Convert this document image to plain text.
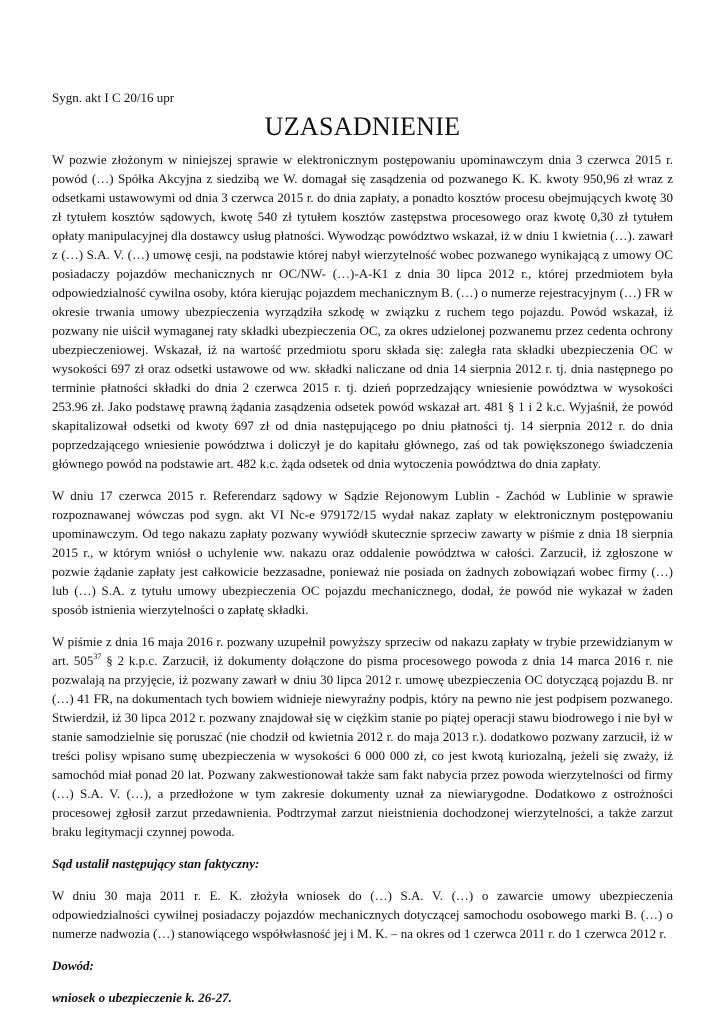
Sygn. akt I C 20/16 upr
UZASADNIENIE

W pozwie złożonym w niniejszej sprawie w elektronicznym postępowaniu upominawczym dnia 3 czerwca 2015 r. powód (…) Spółka Akcyjna z siedzibą we W. domagał się zasądzenia od pozwanego K. K. kwoty 950,96 zł wraz z odsetkami ustawowymi od dnia 3 czerwca 2015 r. do dnia zapłaty, a ponadto kosztów procesu obejmujących kwotę 30 zł tytułem kosztów sądowych, kwotę 540 zł tytułem kosztów zastępstwa procesowego oraz kwotę 0,30 zł tytułem opłaty manipulacyjnej dla dostawcy usług płatności. Wywodząc powództwo wskazał, iż w dniu 1 kwietnia (…). zawarł z (…) S.A. V. (…) umowę cesji, na podstawie której nabył wierzytelność wobec pozwanego wynikającą z umowy OC posiadaczy pojazdów mechanicznych nr OC/NW- (…)-A-K1 z dnia 30 lipca 2012 r., której przedmiotem była odpowiedzialność cywilna osoby, która kierując pojazdem mechanicznym B. (…) o numerze rejestracyjnym (…) FR w okresie trwania umowy ubezpieczenia wyrządziła szkodę w związku z ruchem tego pojazdu. Powód wskazał, iż pozwany nie uiścił wymaganej raty składki ubezpieczenia OC, za okres udzielonej pozwanemu przez cedenta ochrony ubezpieczeniowej. Wskazał, iż na wartość przedmiotu sporu składa się: zaległa rata składki ubezpieczenia OC w wysokości 697 zł oraz odsetki ustawowe od ww. składki naliczane od dnia 14 sierpnia 2012 r. tj. dnia następnego po terminie płatności składki do dnia 2 czerwca 2015 r. tj. dzień poprzedzający wniesienie powództwa w wysokości 253.96 zł. Jako podstawę prawną żądania zasądzenia odsetek powód wskazał art. 481 § 1 i 2 k.c. Wyjaśnił, że powód skapitalizował odsetki od kwoty 697 zł od dnia następującego po dniu płatności tj. 14 sierpnia 2012 r. do dnia poprzedzającego wniesienie powództwa i doliczył je do kapitału głównego, zaś od tak powiększonego świadczenia głównego powód na podstawie art. 482 k.c. żąda odsetek od dnia wytoczenia powództwa do dnia zapłaty.

W dniu 17 czerwca 2015 r. Referendarz sądowy w Sądzie Rejonowym Lublin - Zachód w Lublinie w sprawie rozpoznawanej wówczas pod sygn. akt VI Nc-e 979172/15 wydał nakaz zapłaty w elektronicznym postępowaniu upominawczym. Od tego nakazu zapłaty pozwany wywiódł skutecznie sprzeciw zawarty w piśmie z dnia 18 sierpnia 2015 r., w którym wniósł o uchylenie ww. nakazu oraz oddalenie powództwa w całości. Zarzucił, iż zgłoszone w pozwie żądanie zapłaty jest całkowicie bezzasadne, ponieważ nie posiada on żadnych zobowiązań wobec firmy (…) lub (…) S.A. z tytułu umowy ubezpieczenia OC pojazdu mechanicznego, dodał, że powód nie wykazał w żaden sposób istnienia wierzytelności o zapłatę składki.

W piśmie z dnia 16 maja 2016 r. pozwany uzupełnił powyższy sprzeciw od nakazu zapłaty w trybie przewidzianym w art. $505^{37}$ § 2 k.p.c. Zarzucił, iż dokumenty dołączone do pisma procesowego powoda z dnia 14 marca 2016 r. nie pozwalają na przyjęcie, iż pozwany zawarł w dniu 30 lipca 2012 r. umowę ubezpieczenia OC dotyczącą pojazdu B. nr (…) 41 FR, na dokumentach tych bowiem widnieje niewyraźny podpis, który na pewno nie jest podpisem pozwanego. Stwierdził, iż 30 lipca 2012 r. pozwany znajdował się w ciężkim stanie po piątej operacji stawu biodrowego i nie był w stanie samodzielnie się poruszać (nie chodził od kwietnia 2012 r. do maja 2013 r.). dodatkowo pozwany zarzucił, iż w treści polisy wpisano sumę ubezpieczenia w wysokości 6 000 000 zł, co jest kwotą kuriozalną, jeżeli się zważy, iż samochód miał ponad 20 lat. Pozwany zakwestionował także sam fakt nabycia przez powoda wierzytelności od firmy (…) S.A. V. (…), a przedłożone w tym zakresie dokumenty uznał za niewiarygodne. Dodatkowo z ostrożności procesowej zgłosił zarzut przedawnienia. Podtrzymał zarzut nieistnienia dochodzonej wierzytelności, a także zarzut braku legitymacji czynnej powoda.

Sąd ustalił następujący stan faktyczny:

W dniu 30 maja 2011 r. E. K. złożyła wniosek do (…) S.A. V. (…) o zawarcie umowy ubezpieczenia odpowiedzialności cywilnej posiadaczy pojazdów mechanicznych dotyczącej samochodu osobowego marki B. (…) o numerze nadwozia (…) stanowiącego współwłasność jej i M. K. – na okres od 1 czerwca 2011 r. do 1 czerwca 2012 r.

Dowód:

wniosek o ubezpieczenie k. 26-27.
